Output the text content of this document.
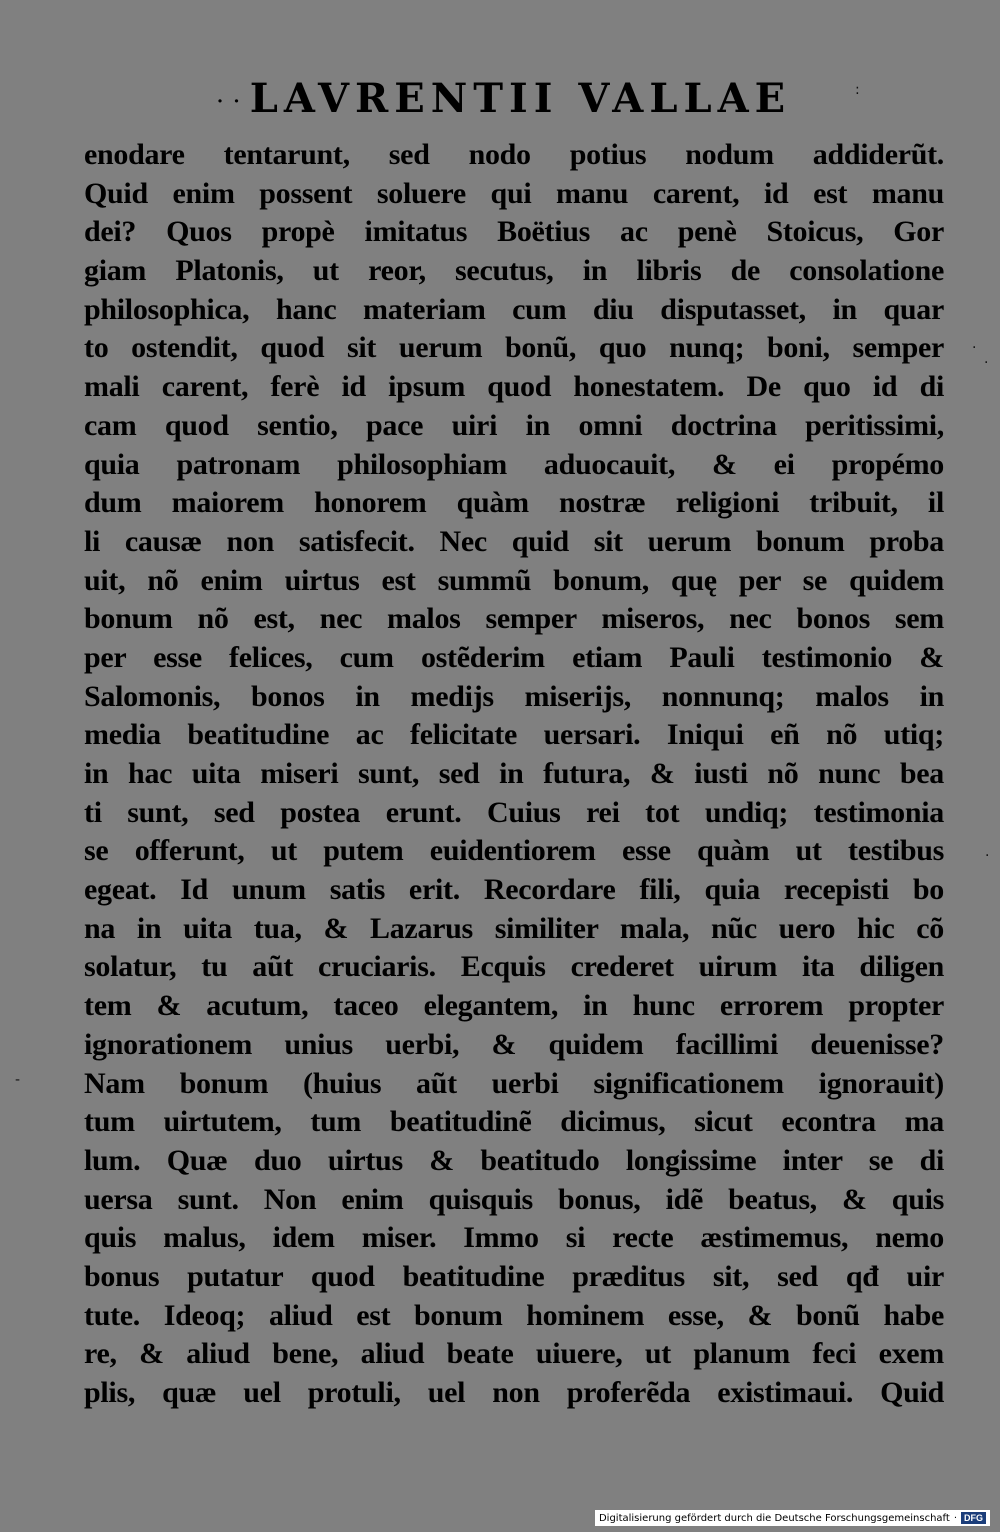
· · LAVRENTII VALLAE
enodare tentarunt, sed nodo potius nodum addiderũt.
Quid enim possent soluere qui manu carent, id est manu
dei? Quos propè imitatus Boëtius ac penè Stoicus, Gor
giam Platonis, ut reor, secutus, in libris de consolatione
philosophica, hanc materiam cum diu disputasset, in quar
to ostendit, quod sit uerum bonũ, quo nunq; boni, semper
mali carent, ferè id ipsum quod honestatem. De quo id di
cam quod sentio, pace uiri in omni doctrina peritissimi,
quia patronam philosophiam aduocauit, & ei propémo
dum maiorem honorem quàm nostræ religioni tribuit, il
li causæ non satisfecit. Nec quid sit uerum bonum proba
uit, nõ enim uirtus est summũ bonum, quę per se quidem
bonum nõ est, nec malos semper miseros, nec bonos sem
per esse felices, cum ostẽderim etiam Pauli testimonio &
Salomonis, bonos in medijs miserijs, nonnunq; malos in
media beatitudine ac felicitate uersari. Iniqui eñ nõ utiq;
in hac uita miseri sunt, sed in futura, & iusti nõ nunc bea
ti sunt, sed postea erunt. Cuius rei tot undiq; testimonia
se offerunt, ut putem euidentiorem esse quàm ut testibus
egeat. Id unum satis erit. Recordare fili, quia recepisti bo
na in uita tua, & Lazarus similiter mala, nũc uero hic cõ
solatur, tu aũt cruciaris. Ecquis crederet uirum ita diligen
tem & acutum, taceo elegantem, in hunc errorem propter
ignorationem unius uerbi, & quidem facillimi deuenisse?
Nam bonum (huius aũt uerbi significationem ignorauit)
tum uirtutem, tum beatitudinẽ dicimus, sicut econtra ma
lum. Quæ duo uirtus & beatitudo longissime inter se di
uersa sunt. Non enim quisquis bonus, idẽ beatus, & quis
quis malus, idem miser. Immo si recte æstimemus, nemo
bonus putatur quod beatitudine præditus sit, sed qđ uir
tute. Ideoq; aliud est bonum hominem esse, & bonũ habe
re, & aliud bene, aliud beate uiuere, ut planum feci exem
plis, quæ uel protuli, uel non proferẽda existimaui. Quid
:
·
·
·
-
Digitalisierung gefördert durch die Deutsche Forschungsgemeinschaft · DFG
